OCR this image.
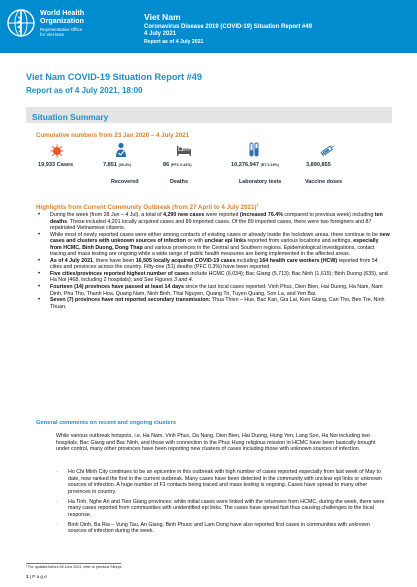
World Health
Organization
Representative Office
for Viet Nam
Viet Nam
Coronavirus Disease 2019 (COVID-19) Situation Report #49
4 July 2021
Report as of 4 July 2021
Viet Nam COVID-19 Situation Report #49
Report as of 4 July 2021, 18:00
Situation Summary
Cumulative numbers from 23 Jan 2020 – 4 July 2021
19,933 Cases	7,851 (39.4%)	86 (PFC 0.43%)	10,276,947 (RT 0.19%)	3,890,855
Recovered	Deaths	Laboratory tests	Vaccine doses
Highlights from Current Community Outbreak (from 27 April to 4 July 2021)$^1$
• During the week (from 28 Jun – 4 Jul), a total of 4,290 new cases were reported (increased 76.4% compared to previous week) including ten deaths. These included 4,201 locally acquired cases and 89 imported cases. Of the 89 imported cases, there were two foreigners and 87 repatriated Vietnamese citizens.
• While most of newly reported cases were either among contacts of existing cases or already inside the lockdown areas, there continue to be new cases and clusters with unknown sources of infection or with unclear epi links reported from various locations and settings, especially from HCMC, Binh Duong, Dong Thap and various provinces in the Central and Southern regions. Epidemiological investigations, contact tracing and mass testing are ongoing while a wide range of public health measures are being implemented in the affected areas.
• As of 4 July 2021, there have been 16,505 locally acquired COVID-19 cases including 164 health care workers (HCW) reported from 54 cities and provinces across the country. Fifty-one (51) deaths (PFC 0.3%) have been reported.
• Five cities/provinces reported highest number of cases include HCMC (6,034); Bac Giang (5,713); Bac Ninh (1,615); Binh Duong (635), and Ha Noi (468, including 2 hospitals); and See Figures 3 and 4.
• Fourteen (14) provinces have passed at least 14 days since the last local cases reported: Vinh Phuc, Dien Bien, Hai Duong, Ha Nam, Nam Dinh, Phu Tho, Thanh Hoa, Quang Nam, Ninh Binh, Thai Nguyen, Quang Tri, Tuyen Quang, Son La, and Yen Bai.
• Seven (7) provinces have not reported secondary transmission: Thua Thien – Hue, Bac Kan, Gia Lai, Kien Giang, Can Tho, Ben Tre, Ninh Thuan.
General comments on recent and ongoing clusters
While various outbreak hotspots, i.e. Ha Nam, Vinh Phuc, Da Nang, Dien Bien, Hai Duong, Hung Yen, Lang Son, Ha Noi including two hospitals, Bac Giang and Bac Ninh, and those with connection to the Phuc Hung religious mission in HCMC have been basically brought under control, many other provinces have been reporting new clusters of cases including those with unknown sources of infection.
- Ho Chi Minh City continues to be an epicentre in this outbreak with high number of cases reported especially from last week of May to date, now ranked the first in the current outbreak. Many cases have been detected in the community with unclear epi links or unknown sources of infection. A huge number of F1 contacts being traced and mass testing is ongoing. Cases have spread to many other provinces in country.
- Ha Tinh, Nghe An and Tien Giang provinces: while initial cases were linked with the returnees from HCMC, during the week, there were many cases reported from communities with unidentified epi links. The cases have spread fast thus causing challenges to the local response.
- Binh Dinh, Ba Ria – Vung Tau, An Giang, Binh Phuoc and Lam Dong have also reported first cases in communities with unknown sources of infection during the week.
¹ For updates before 28 June 2021, refer to previous Sitreps
1 | P a g e
